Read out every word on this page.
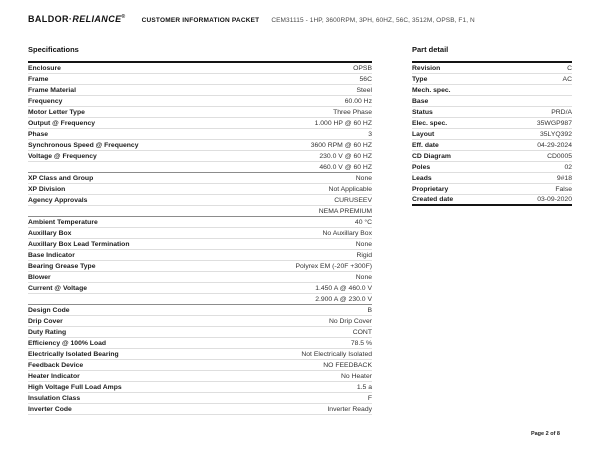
BALDOR·RELIANCE® CUSTOMER INFORMATION PACKET CEM31115 - 1HP, 3600RPM, 3PH, 60HZ, 56C, 3512M, OPSB, F1, N
Specifications
Enclosure	OPSB
Frame	56C
Frame Material	Steel
Frequency	60.00 Hz
Motor Letter Type	Three Phase
Output @ Frequency	1.000 HP @ 60 HZ
Phase	3
Synchronous Speed @ Frequency	3600 RPM @ 60 HZ
Voltage @ Frequency	230.0 V @ 60 HZ
460.0 V @ 60 HZ
XP Class and Group	None
XP Division	Not Applicable
Agency Approvals	CURUSEEV
NEMA PREMIUM
Ambient Temperature	40 °C
Auxillary Box	No Auxillary Box
Auxillary Box Lead Termination	None
Base Indicator	Rigid
Bearing Grease Type	Polyrex EM (-20F +300F)
Blower	None
Current @ Voltage	1.450 A @ 460.0 V
2.900 A @ 230.0 V
Design Code	B
Drip Cover	No Drip Cover
Duty Rating	CONT
Efficiency @ 100% Load	78.5 %
Electrically Isolated Bearing	Not Electrically Isolated
Feedback Device	NO FEEDBACK
Heater Indicator	No Heater
High Voltage Full Load Amps	1.5 a
Insulation Class	F
Inverter Code	Inverter Ready
Part detail
Revision	C
Type	AC
Mech. spec.
Base
Status	PRD/A
Elec. spec.	35WGP987
Layout	35LYQ392
Eff. date	04-29-2024
CD Diagram	CD0005
Poles	02
Leads	9#18
Proprietary	False
Created date	03-09-2020
Page 2 of 8
